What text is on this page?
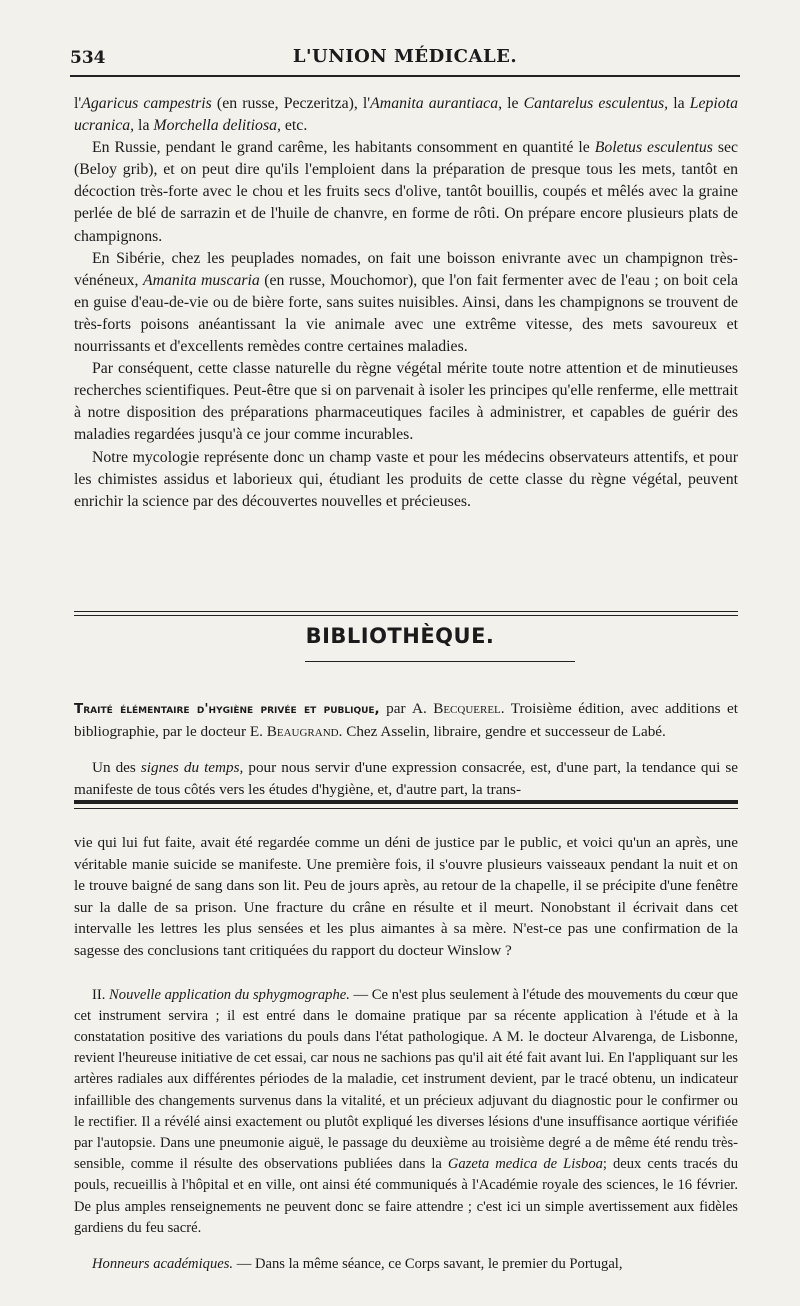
534	L'UNION MÉDICALE.

l'Agaricus campestris (en russe, Peczeritza), l'Amanita aurantiaca, le Cantarelus esculentus, la Lepiota ucranica, la Morchella delitiosa, etc.

En Russie, pendant le grand carême, les habitants consomment en quantité le Boletus esculentus sec (Beloy grib), et on peut dire qu'ils l'emploient dans la préparation de presque tous les mets, tantôt en décoction très-forte avec le chou et les fruits secs d'olive, tantôt bouillis, coupés et mêlés avec la graine perlée de blé de sarrazin et de l'huile de chanvre, en forme de rôti. On prépare encore plusieurs plats de champignons.

En Sibérie, chez les peuplades nomades, on fait une boisson enivrante avec un champignon très-vénéneux, Amanita muscaria (en russe, Mouchomor), que l'on fait fermenter avec de l'eau ; on boit cela en guise d'eau-de-vie ou de bière forte, sans suites nuisibles. Ainsi, dans les champignons se trouvent de très-forts poisons anéantissant la vie animale avec une extrême vitesse, des mets savoureux et nourrissants et d'excellents remèdes contre certaines maladies.

Par conséquent, cette classe naturelle du règne végétal mérite toute notre attention et de minutieuses recherches scientifiques. Peut-être que si on parvenait à isoler les principes qu'elle renferme, elle mettrait à notre disposition des préparations pharmaceutiques faciles à administrer, et capables de guérir des maladies regardées jusqu'à ce jour comme incurables.

Notre mycologie représente donc un champ vaste et pour les médecins observateurs attentifs, et pour les chimistes assidus et laborieux qui, étudiant les produits de cette classe du règne végétal, peuvent enrichir la science par des découvertes nouvelles et précieuses.

BIBLIOTHÈQUE.

Traité élémentaire d'hygiène privée et publique, par A. Becquerel. Troisième édition, avec additions et bibliographie, par le docteur E. Beaugrand. Chez Asselin, libraire, gendre et successeur de Labé.

Un des signes du temps, pour nous servir d'une expression consacrée, est, d'une part, la tendance qui se manifeste de tous côtés vers les études d'hygiène, et, d'autre part, la trans-

vie qui lui fut faite, avait été regardée comme un déni de justice par le public, et voici qu'un an après, une véritable manie suicide se manifeste. Une première fois, il s'ouvre plusieurs vaisseaux pendant la nuit et on le trouve baigné de sang dans son lit. Peu de jours après, au retour de la chapelle, il se précipite d'une fenêtre sur la dalle de sa prison. Une fracture du crâne en résulte et il meurt. Nonobstant il écrivait dans cet intervalle les lettres les plus sensées et les plus aimantes à sa mère. N'est-ce pas une confirmation de la sagesse des conclusions tant critiquées du rapport du docteur Winslow ?

II. Nouvelle application du sphygmographe. — Ce n'est plus seulement à l'étude des mouvements du cœur que cet instrument servira ; il est entré dans le domaine pratique par sa récente application à l'étude et à la constatation positive des variations du pouls dans l'état pathologique. A M. le docteur Alvarenga, de Lisbonne, revient l'heureuse initiative de cet essai, car nous ne sachions pas qu'il ait été fait avant lui. En l'appliquant sur les artères radiales aux différentes périodes de la maladie, cet instrument devient, par le tracé obtenu, un indicateur infaillible des changements survenus dans la vitalité, et un précieux adjuvant du diagnostic pour le confirmer ou le rectifier. Il a révélé ainsi exactement ou plutôt expliqué les diverses lésions d'une insuffisance aortique vérifiée par l'autopsie. Dans une pneumonie aiguë, le passage du deuxième au troisième degré a de même été rendu très-sensible, comme il résulte des observations publiées dans la Gazeta medica de Lisboa; deux cents tracés du pouls, recueillis à l'hôpital et en ville, ont ainsi été communiqués à l'Académie royale des sciences, le 16 février. De plus amples renseignements ne peuvent donc se faire attendre ; c'est ici un simple avertissement aux fidèles gardiens du feu sacré.

Honneurs académiques. — Dans la même séance, ce Corps savant, le premier du Portugal,
